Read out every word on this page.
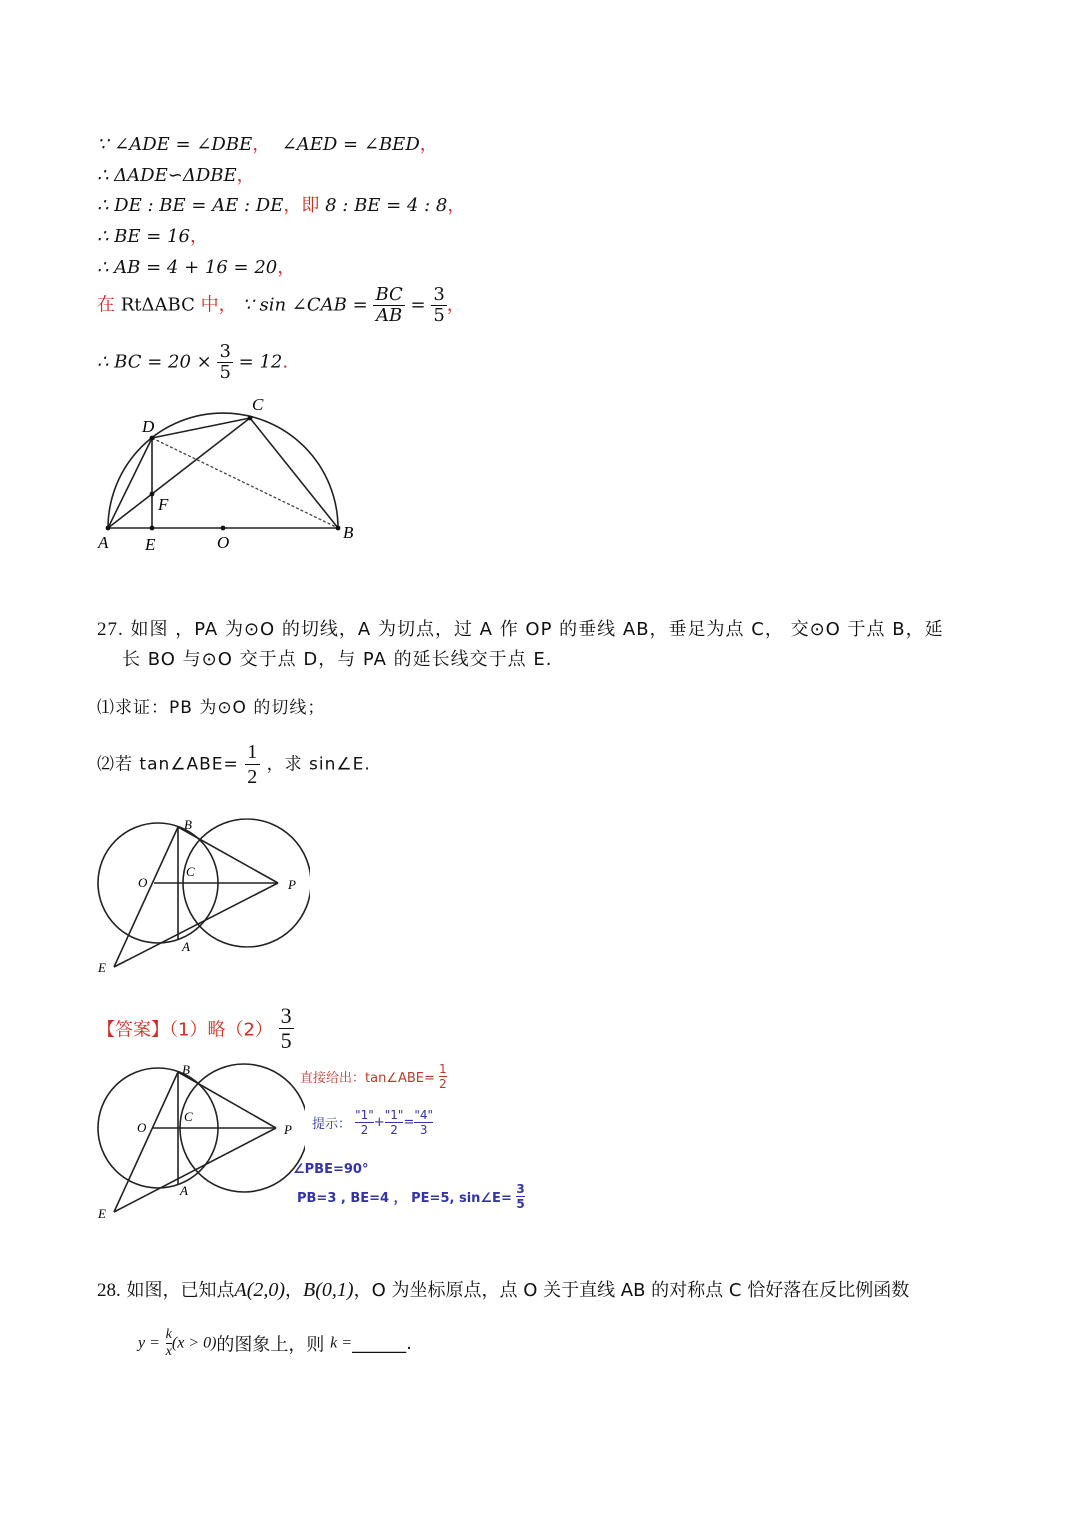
∵ ∠ADE = ∠DBE， ∠AED = ∠BED，
∴ ΔADE∽ΔDBE，
∴ DE : BE = AE : DE，即 8 : BE = 4 : 8，
∴ BE = 16，
∴ AB = 4 + 16 = 20，
在 RtΔABC 中， ∵ sin ∠CAB = $\frac{BC}{AB} = \frac{3}{5}$ ，
∴ BC = $20 \times \frac{3}{5} = 12$.
A E	O
B
D
C
F
27. 如图 ，PA 为⊙O 的切线，A 为切点，过 A 作 OP 的垂线 AB，垂足为点 C， 交⊙O 于点 B，延
长 BO 与⊙O 交于点 D，与 PA 的延长线交于点 E.
⑴求证：PB 为⊙O 的切线；
⑵若 tan∠ABE= $\frac{1}{2}$ ，求 sin∠E.
B
C
O	P
A
E
【答案】（1）略$(2) \frac{3}{5}$
B
C
O	P
A
E
直接给出：tan∠ABE= $\frac{1}{2}$
提示： $\frac{"1"}{2} + \frac{"1"}{2} = \frac{"4"}{3}$
∠PBE=90°
PB=3 , BE=4 ， PE=5, sin∠E= $\frac{3}{5}$
28. 如图，已知点A(2,0)，B(0,1)，O 为坐标原点，点 O 关于直线 AB 的对称点 C 恰好落在反比例函数
$y = \frac{k}{x} (x > 0)$的图象上，则 k =______.
